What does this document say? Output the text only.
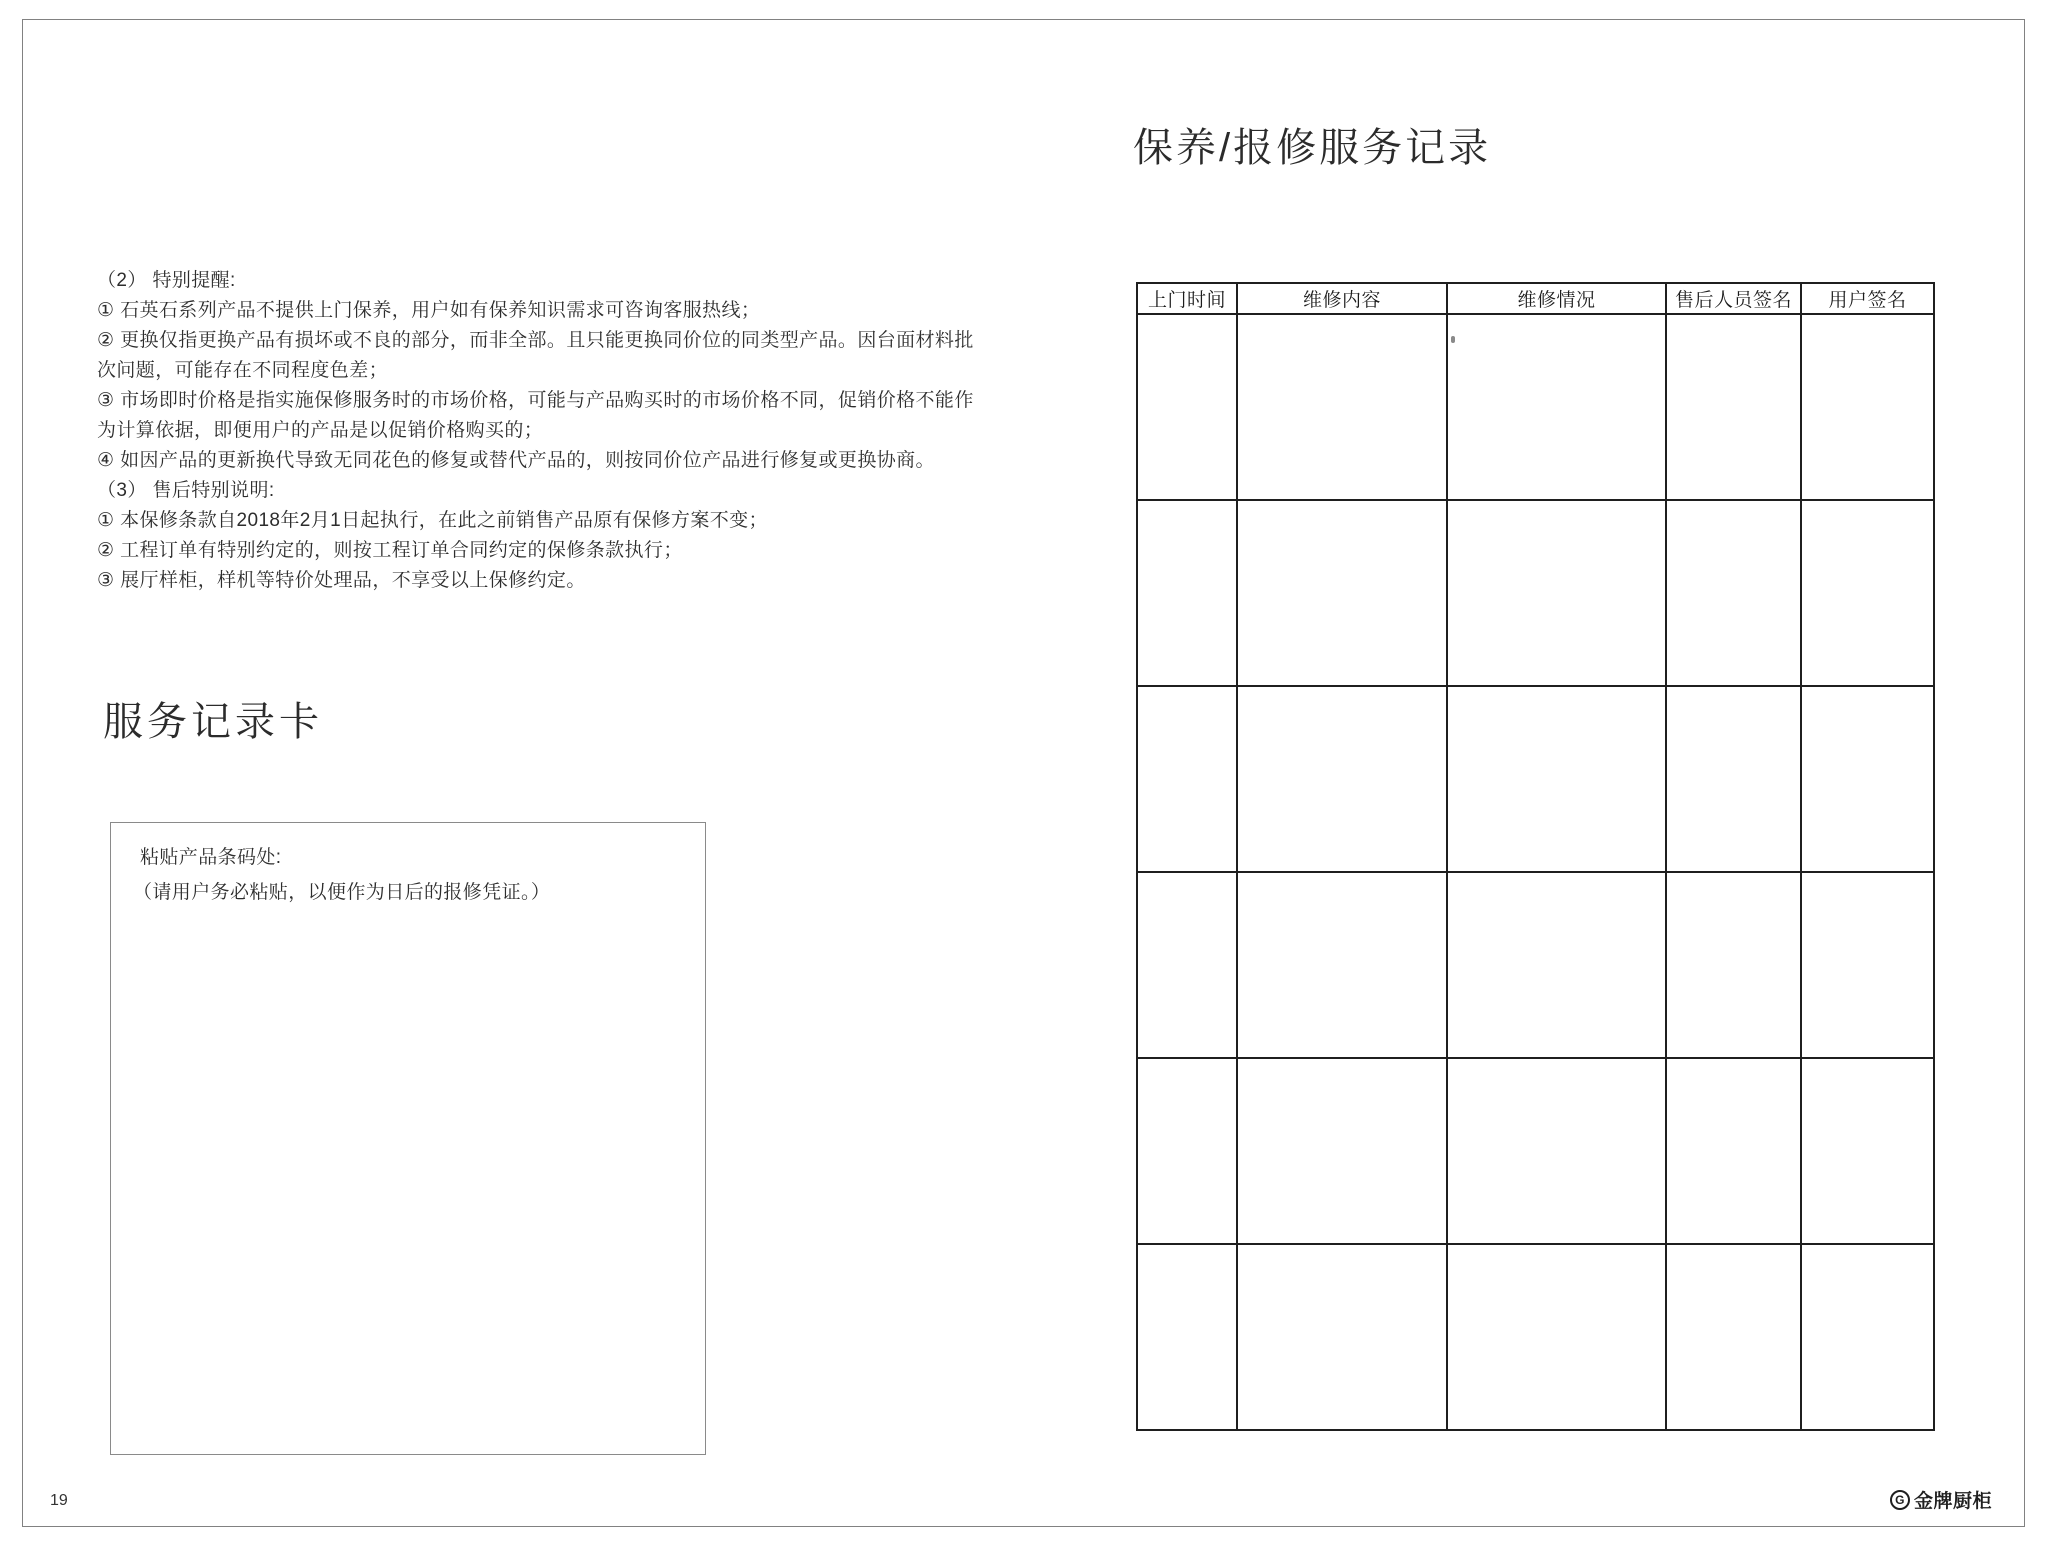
（2） 特别提醒:
① 石英石系列产品不提供上门保养，用户如有保养知识需求可咨询客服热线；
② 更换仅指更换产品有损坏或不良的部分，而非全部。且只能更换同价位的同类型产品。因台面材料批
次问题，可能存在不同程度色差；
③ 市场即时价格是指实施保修服务时的市场价格，可能与产品购买时的市场价格不同，促销价格不能作
为计算依据，即便用户的产品是以促销价格购买的；
④ 如因产品的更新换代导致无同花色的修复或替代产品的，则按同价位产品进行修复或更换协商。
（3） 售后特别说明:
① 本保修条款自2018年2月1日起执行，在此之前销售产品原有保修方案不变；
② 工程订单有特别约定的，则按工程订单合同约定的保修条款执行；
③ 展厅样柜，样机等特价处理品，不享受以上保修约定。
服务记录卡
粘贴产品条码处:
（请用户务必粘贴，以便作为日后的报修凭证。）
保养/报修服务记录
上门时间	维修内容	维修情况	售后人员签名	用户签名

19	G 金牌厨柜
